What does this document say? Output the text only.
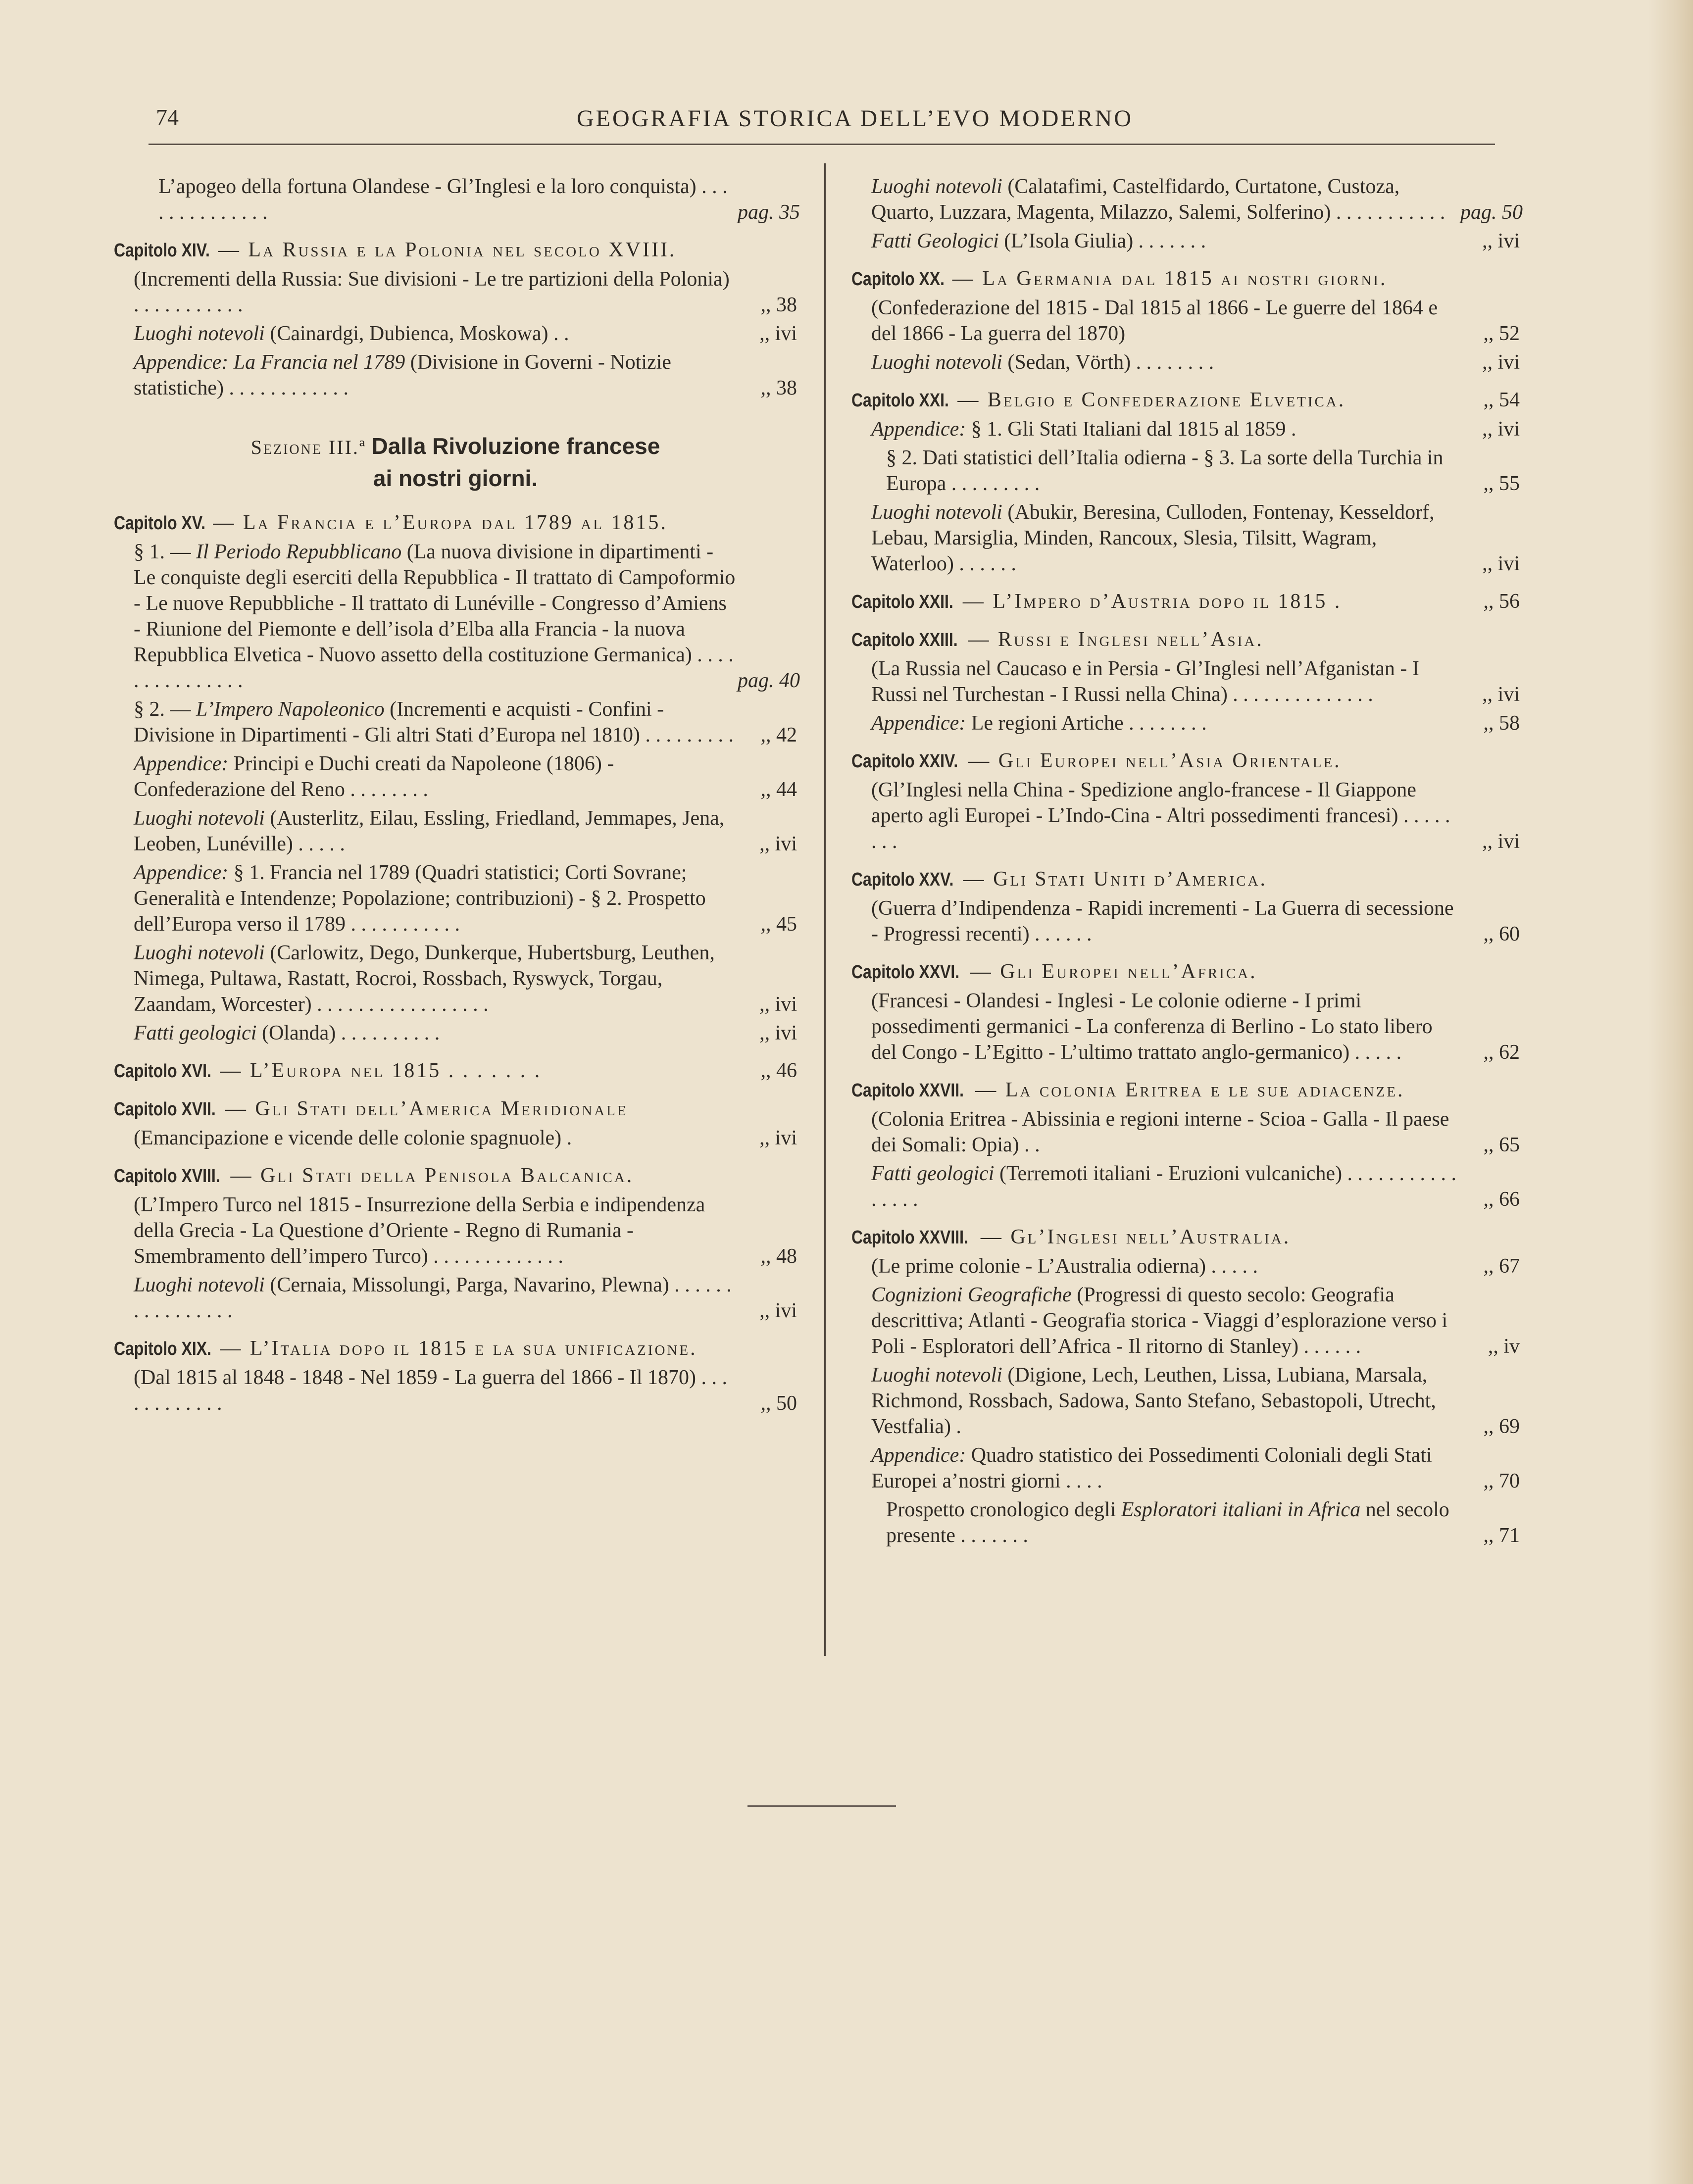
74	GEOGRAFIA STORICA DELL’EVO MODERNO
L’apogeo della fortuna Olandese - Gl’Inglesi e la loro conquista) . . . . . . . . . . . . . .	pag. 35
Capitolo XIV. — La Russia e la Polonia nel secolo XVIII.
(Incrementi della Russia: Sue divisioni - Le tre partizioni della Polonia) . . . . . . . . . . .	,, 38
Luoghi notevoli (Cainardgi, Dubienca, Moskowa) . .	,, ivi
Appendice: La Francia nel 1789 (Divisione in Governi - Notizie statistiche) . . . . . . . . . . . .	,, 38
Sezione III.ª Dalla Rivoluzione francese
ai nostri giorni.
Capitolo XV. — La Francia e l’Europa dal 1789 al 1815.
§ 1. — Il Periodo Repubblicano (La nuova divisione in dipartimenti - Le conquiste degli eserciti della Repubblica - Il trattato di Campoformio - Le nuove Repubbliche - Il trattato di Lunéville - Congresso d’Amiens - Riunione del Piemonte e dell’isola d’Elba alla Francia - la nuova Repubblica Elvetica - Nuovo assetto della costituzione Germanica) . . . . . . . . . . . . . . .	pag. 40
§ 2. — L’Impero Napoleonico (Incrementi e acquisti - Confini - Divisione in Dipartimenti - Gli altri Stati d’Europa nel 1810) . . . . . . . . .	,, 42
Appendice: Principi e Duchi creati da Napoleone (1806) - Confederazione del Reno . . . . . . . .	,, 44
Luoghi notevoli (Austerlitz, Eilau, Essling, Friedland, Jemmapes, Jena, Leoben, Lunéville) . . . . .	,, ivi
Appendice: § 1. Francia nel 1789 (Quadri statistici; Corti Sovrane; Generalità e Intendenze; Popolazione; contribuzioni) - § 2. Prospetto dell’Europa verso il 1789 . . . . . . . . . . .	,, 45
Luoghi notevoli (Carlowitz, Dego, Dunkerque, Hubertsburg, Leuthen, Nimega, Pultawa, Rastatt, Rocroi, Rossbach, Ryswyck, Torgau, Zaandam, Worcester) . . . . . . . . . . . . . . . . .	,, ivi
Fatti geologici (Olanda) . . . . . . . . . .	,, ivi
Capitolo XVI. — L’Europa nel 1815 . . . . . . .	,, 46
Capitolo XVII. — Gli Stati dell’America Meridionale
(Emancipazione e vicende delle colonie spagnuole) .	,, ivi
Capitolo XVIII. — Gli Stati della Penisola Balcanica.
(L’Impero Turco nel 1815 - Insurrezione della Serbia e indipendenza della Grecia - La Questione d’Oriente - Regno di Rumania - Smembramento dell’impero Turco) . . . . . . . . . . . . .	,, 48
Luoghi notevoli (Cernaia, Missolungi, Parga, Navarino, Plewna) . . . . . . . . . . . . . . . .	,, ivi
Capitolo XIX. — L’Italia dopo il 1815 e la sua unificazione.
(Dal 1815 al 1848 - 1848 - Nel 1859 - La guerra del 1866 - Il 1870) . . . . . . . . . . . .	,, 50
Luoghi notevoli (Calatafimi, Castelfidardo, Curtatone, Custoza, Quarto, Luzzara, Magenta, Milazzo, Salemi, Solferino) . . . . . . . . . . . pag. 50
Fatti Geologici (L’Isola Giulia) . . . . . . .	,, ivi
Capitolo XX. — La Germania dal 1815 ai nostri giorni.
(Confederazione del 1815 - Dal 1815 al 1866 - Le guerre del 1864 e del 1866 - La guerra del 1870)	,, 52
Luoghi notevoli (Sedan, Vörth) . . . . . . . .	,, ivi
Capitolo XXI. — Belgio e Confederazione Elvetica.	,, 54
Appendice: § 1. Gli Stati Italiani dal 1815 al 1859 .	,, ivi
§ 2. Dati statistici dell’Italia odierna - § 3. La sorte della Turchia in Europa . . . . . . . . .	,, 55
Luoghi notevoli (Abukir, Beresina, Culloden, Fontenay, Kesseldorf, Lebau, Marsiglia, Minden, Rancoux, Slesia, Tilsitt, Wagram, Waterloo) . . . . . .	,, ivi
Capitolo XXII. — L’Impero d’Austria dopo il 1815 .	,, 56
Capitolo XXIII. — Russi e Inglesi nell’Asia.
(La Russia nel Caucaso e in Persia - Gl’Inglesi nell’Afganistan - I Russi nel Turchestan - I Russi nella China) . . . . . . . . . . . . . .	,, ivi
Appendice: Le regioni Artiche . . . . . . . .	,, 58
Capitolo XXIV. — Gli Europei nell’Asia Orientale.
(Gl’Inglesi nella China - Spedizione anglo-francese - Il Giappone aperto agli Europei - L’Indo-Cina - Altri possedimenti francesi) . . . . . . . .	,, ivi
Capitolo XXV. — Gli Stati Uniti d’America.
(Guerra d’Indipendenza - Rapidi incrementi - La Guerra di secessione - Progressi recenti) . . . . . .	,, 60
Capitolo XXVI. — Gli Europei nell’Africa.
(Francesi - Olandesi - Inglesi - Le colonie odierne - I primi possedimenti germanici - La conferenza di Berlino - Lo stato libero del Congo - L’Egitto - L’ultimo trattato anglo-germanico) . . . . .	,, 62
Capitolo XXVII. — La colonia Eritrea e le sue adiacenze.
(Colonia Eritrea - Abissinia e regioni interne - Scioa - Galla - Il paese dei Somali: Opia) . .	,, 65
Fatti geologici (Terremoti italiani - Eruzioni vulcaniche) . . . . . . . . . . . . . . . .	,, 66
Capitolo XXVIII. — Gl’Inglesi nell’Australia.
(Le prime colonie - L’Australia odierna) . . . . .	,, 67
Cognizioni Geografiche (Progressi di questo secolo: Geografia descrittiva; Atlanti - Geografia storica - Viaggi d’esplorazione verso i Poli - Esploratori dell’Africa - Il ritorno di Stanley) . . . . . .	,, iv
Luoghi notevoli (Digione, Lech, Leuthen, Lissa, Lubiana, Marsala, Richmond, Rossbach, Sadowa, Santo Stefano, Sebastopoli, Utrecht, Vestfalia) .	,, 69
Appendice: Quadro statistico dei Possedimenti Coloniali degli Stati Europei a’nostri giorni . . . .	,, 70
Prospetto cronologico degli Esploratori italiani in Africa nel secolo presente . . . . . . .	,, 71
